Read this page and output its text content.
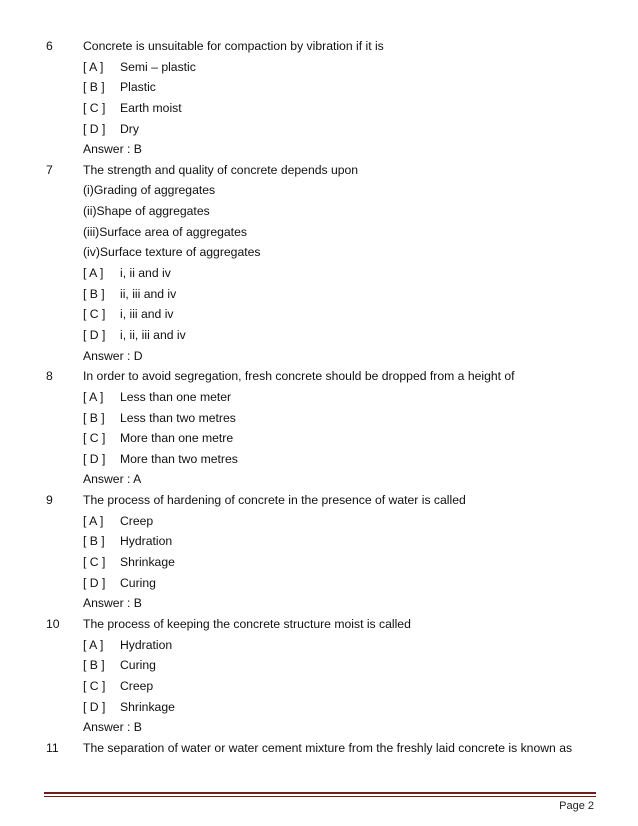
6 Concrete is unsuitable for compaction by vibration if it is
[ A ] Semi – plastic
[ B ] Plastic
[ C ] Earth moist
[ D ] Dry
Answer : B
7 The strength and quality of concrete depends upon
(i)Grading of aggregates
(ii)Shape of aggregates
(iii)Surface area of aggregates
(iv)Surface texture of aggregates
[ A ] i, ii and iv
[ B ] ii, iii and iv
[ C ] i, iii and iv
[ D ] i, ii, iii and iv
Answer : D
8 In order to avoid segregation, fresh concrete should be dropped from a height of
[ A ] Less than one meter
[ B ] Less than two metres
[ C ] More than one metre
[ D ] More than two metres
Answer : A
9 The process of hardening of concrete in the presence of water is called
[ A ] Creep
[ B ] Hydration
[ C ] Shrinkage
[ D ] Curing
Answer : B
10 The process of keeping the concrete structure moist is called
[ A ] Hydration
[ B ] Curing
[ C ] Creep
[ D ] Shrinkage
Answer : B
11 The separation of water or water cement mixture from the freshly laid concrete is known as
Page 2
